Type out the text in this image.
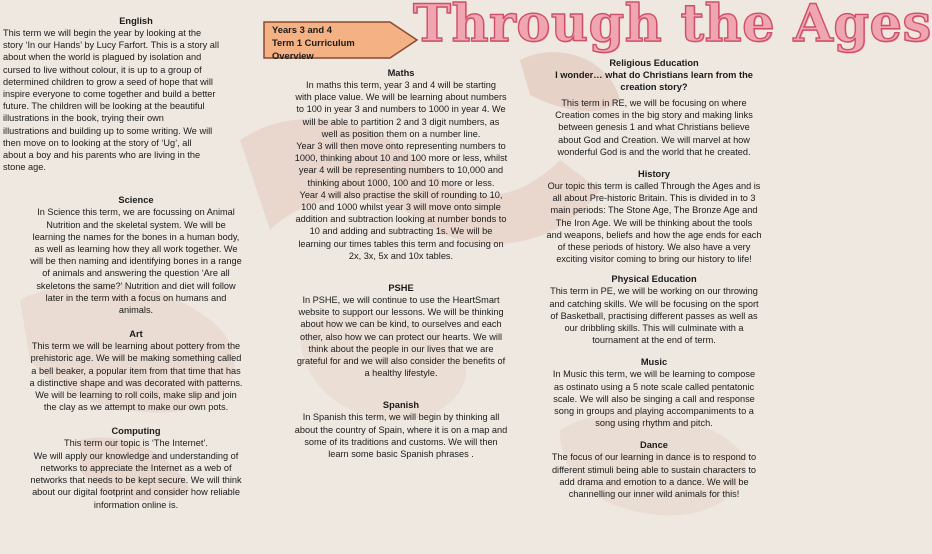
Years 3 and 4
Term 1 Curriculum Overview
Through the Ages
English
This term we will begin the year by looking at the
story ‘In our Hands’ by Lucy Farfort. This is a story all
about when the world is plagued by isolation and
cursed to live without colour, it is up to a group of
determined children to grow a seed of hope that will
inspire everyone to come together and build a better
future. The children will be looking at the beautiful
illustrations in the book, trying their own
illustrations and building up to some writing. We will
then move on to looking at the story of ‘Ug’, all
about a boy and his parents who are living in the
stone age.
Science
In Science this term, we are focussing on Animal
Nutrition and the skeletal system. We will be
learning the names for the bones in a human body,
as well as learning how they all work together. We
will be then naming and identifying bones in a range
of animals and answering the question ‘Are all
skeletons the same?’ Nutrition and diet will follow
later in the term with a focus on humans and
animals.
Art
This term we will be learning about pottery from the
prehistoric age. We will be making something called
a bell beaker, a popular item from that time that has
a distinctive shape and was decorated with patterns.
We will be learning to roll coils, make slip and join
the clay as we attempt to make our own pots.
Computing
This term our topic is ‘The Internet’.
We will apply our knowledge and understanding of
networks to appreciate the Internet as a web of
networks that needs to be kept secure. We will think
about our digital footprint and consider how reliable
information online is.
Maths
In maths this term, year 3 and 4 will be starting
with place value. We will be learning about numbers
to 100 in year 3 and numbers to 1000 in year 4. We
will be able to partition 2 and 3 digit numbers, as
well as position them on a number line.
Year 3 will then move onto representing numbers to
1000, thinking about 10 and 100 more or less, whilst
year 4 will be representing numbers to 10,000 and
thinking about 1000, 100 and 10 more or less.
Year 4 will also practise the skill of rounding to 10,
100 and 1000 whilst year 3 will move onto simple
addition and subtraction looking at number bonds to
10 and adding and subtracting 1s. We will be
learning our times tables this term and focusing on
2x, 3x, 5x and 10x tables.
PSHE
In PSHE, we will continue to use the HeartSmart
website to support our lessons. We will be thinking
about how we can be kind, to ourselves and each
other, also how we can protect our hearts. We will
think about the people in our lives that we are
grateful for and we will also consider the benefits of
a healthy lifestyle.
Spanish
In Spanish this term, we will begin by thinking all
about the country of Spain, where it is on a map and
some of its traditions and customs. We will then
learn some basic Spanish phrases .
Religious Education
I wonder… what do Christians learn from the
creation story?
This term in RE, we will be focusing on where
Creation comes in the big story and making links
between genesis 1 and what Christians believe
about God and Creation. We will marvel at how
wonderful God is and the world that he created.
History
Our topic this term is called Through the Ages and is
all about Pre-historic Britain. This is divided in to 3
main periods: The Stone Age, The Bronze Age and
The Iron Age. We will be thinking about the tools
and weapons, beliefs and how the age ends for each
of these periods of history. We also have a very
exciting visitor coming to bring our history to life!
Physical Education
This term in PE, we will be working on our throwing
and catching skills. We will be focusing on the sport
of Basketball, practising different passes as well as
our dribbling skills. This will culminate with a
tournament at the end of term.
Music
In Music this term, we will be learning to compose
as ostinato using a 5 note scale called pentatonic
scale. We will also be singing a call and response
song in groups and playing accompaniments to a
song using rhythm and pitch.
Dance
The focus of our learning in dance is to respond to
different stimuli being able to sustain characters to
add drama and emotion to a dance. We will be
channelling our inner wild animals for this!
